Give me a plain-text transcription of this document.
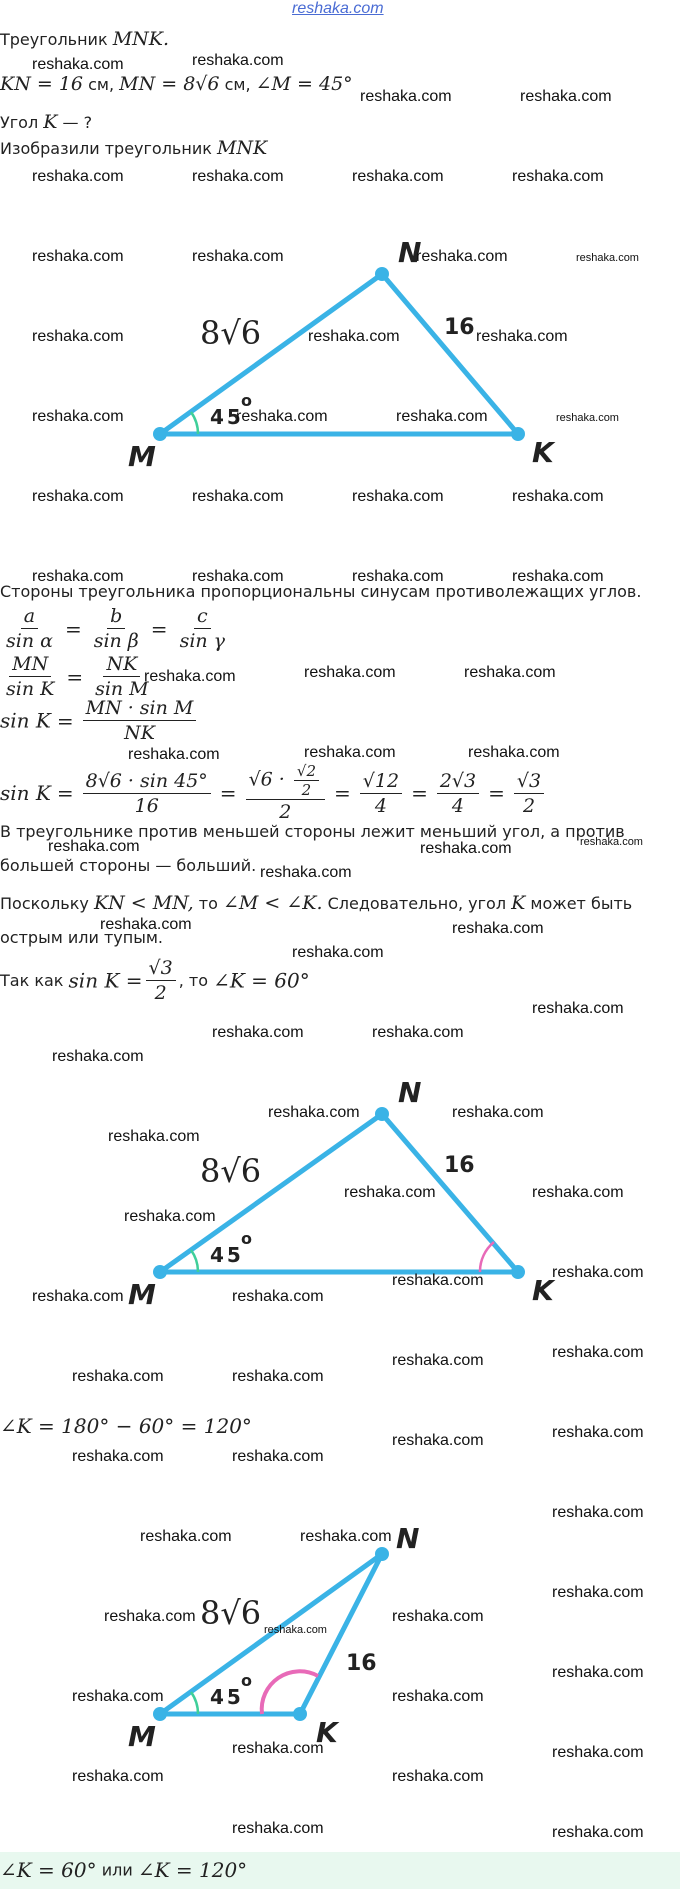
reshaka.com
Треугольник MNK.
KN = 16 см, MN = 8√6 см, ∠M = 45°
Угол K — ?
Изобразили треугольник MNK
N
M	K
8√6	16
45
o
Стороны треугольника пропорциональны синусам противолежащих углов.
$\frac{a}{\text{sin α}} = \frac{b}{\text{sin β}} = \frac{c}{\text{sin γ}}$
$\frac{MN}{\text{sin K}} = \frac{NK}{\text{sin M}}$
$\sin K = \frac{\text{MN · sin M}}{NK}$
$\sin K = \frac{8√6 \cdot \sin 45^\circ}{16} = \frac{√6 \cdot \frac{√2}{2}}{2} = \frac{√12}{4} = \frac{2√3}{4} = \frac{√3}{2}$
В треугольнике против меньшей стороны лежит меньший угол, а против
большей стороны — больший.
Поскольку KN < MN, то ∠M < ∠K. Следовательно, угол K может быть
острым или тупым.
Так как $\sin K = \frac{√3}{2}$ , то ∠K = 60°
N
M	K
8√6	16
45
o
∠K = 180° − 60° = 120°
N
M	K
8√6
16
45
o
∠K = 60° или ∠K = 120°
reshaka.com	reshaka.com
reshaka.com	reshaka.com
reshaka.com	reshaka.com	reshaka.com	reshaka.com
reshaka.com	reshaka.com	reshaka.com	reshaka.com
reshaka.com	reshaka.com	reshaka.com
reshaka.com	reshaka.com	reshaka.com	reshaka.com
reshaka.com	reshaka.com	reshaka.com	reshaka.com
reshaka.com	reshaka.com	reshaka.com	reshaka.com
reshaka.com
reshaka.com	reshaka.com	reshaka.com
reshaka.com	reshaka.com	reshaka.com
reshaka.com
reshaka.com
reshaka.com	reshaka.com
reshaka.com
reshaka.com
reshaka.com
reshaka.com	reshaka.com
reshaka.com
reshaka.com	reshaka.com
reshaka.com
reshaka.com	reshaka.com
reshaka.com
reshaka.com	reshaka.com
reshaka.com	reshaka.com
reshaka.com	reshaka.com
reshaka.com	reshaka.com
reshaka.com	reshaka.com
reshaka.com	reshaka.com
reshaka.com
reshaka.com	reshaka.com
reshaka.com
reshaka.com	reshaka.com
reshaka.com
reshaka.com
reshaka.com	reshaka.com
reshaka.com
reshaka.com
reshaka.com	reshaka.com
reshaka.com	reshaka.com
